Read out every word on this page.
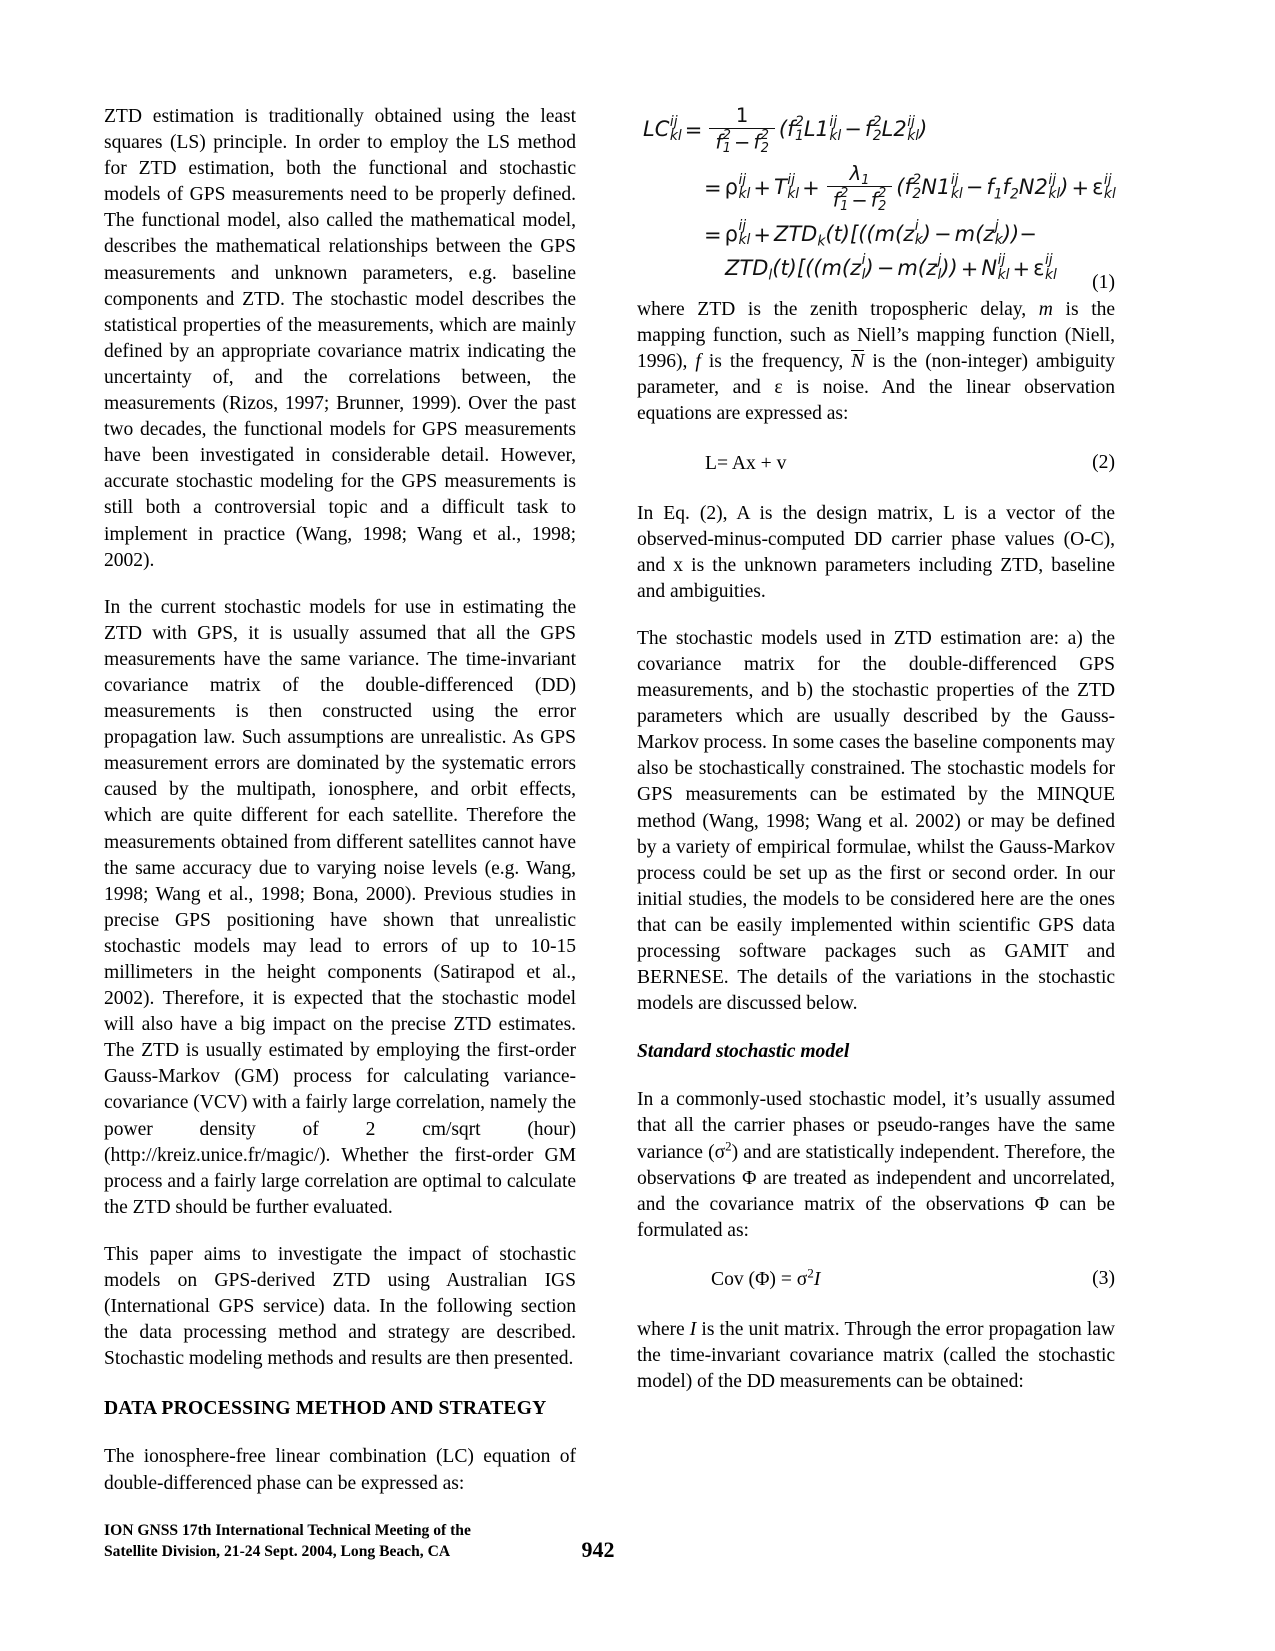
ZTD estimation is traditionally obtained using the least squares (LS) principle. In order to employ the LS method for ZTD estimation, both the functional and stochastic models of GPS measurements need to be properly defined. The functional model, also called the mathematical model, describes the mathematical relationships between the GPS measurements and unknown parameters, e.g. baseline components and ZTD. The stochastic model describes the statistical properties of the measurements, which are mainly defined by an appropriate covariance matrix indicating the uncertainty of, and the correlations between, the measurements (Rizos, 1997; Brunner, 1999). Over the past two decades, the functional models for GPS measurements have been investigated in considerable detail. However, accurate stochastic modeling for the GPS measurements is still both a controversial topic and a difficult task to implement in practice (Wang, 1998; Wang et al., 1998; 2002).

In the current stochastic models for use in estimating the ZTD with GPS, it is usually assumed that all the GPS measurements have the same variance. The time-invariant covariance matrix of the double-differenced (DD) measurements is then constructed using the error propagation law. Such assumptions are unrealistic. As GPS measurement errors are dominated by the systematic errors caused by the multipath, ionosphere, and orbit effects, which are quite different for each satellite. Therefore the measurements obtained from different satellites cannot have the same accuracy due to varying noise levels (e.g. Wang, 1998; Wang et al., 1998; Bona, 2000). Previous studies in precise GPS positioning have shown that unrealistic stochastic models may lead to errors of up to 10-15 millimeters in the height components (Satirapod et al., 2002). Therefore, it is expected that the stochastic model will also have a big impact on the precise ZTD estimates. The ZTD is usually estimated by employing the first-order Gauss-Markov (GM) process for calculating variance-covariance (VCV) with a fairly large correlation, namely the power density of 2 cm/sqrt (hour) (http://kreiz.unice.fr/magic/). Whether the first-order GM process and a fairly large correlation are optimal to calculate the ZTD should be further evaluated.

This paper aims to investigate the impact of stochastic models on GPS-derived ZTD using Australian IGS (International GPS service) data. In the following section the data processing method and strategy are described. Stochastic modeling methods and results are then presented.

DATA PROCESSING METHOD AND STRATEGY

The ionosphere-free linear combination (LC) equation of double-differenced phase can be expressed as:

LC ij
kl = 1
f 2
1 − f 2
2 (f 2
1 L1 ij
kl − f 2
2 L2 ij
kl )
= ρ ij
kl + T ij
kl + $\lambda_1$
f 2
1 − f 2
2 (f 2
2 N1 ij
kl − $f_1f_2N2$ ij
kl ) + ε ij
kl
= ρ ij
kl + $ZTD_k(t)[((m(z$ i
k ) − m(z j
k ))−
$ZTD_l(t)[((m(z$ i
l ) − m(z j
l )) + N ij
kl + ε ij
kl (1)

where ZTD is the zenith tropospheric delay, m is the mapping function, such as Niell’s mapping function (Niell, 1996), f is the frequency, N is the (non-integer) ambiguity parameter, and ε is noise. And the linear observation equations are expressed as:

L= Ax + v	(2)

In Eq. (2), A is the design matrix, L is a vector of the observed-minus-computed DD carrier phase values (O-C), and x is the unknown parameters including ZTD, baseline and ambiguities.

The stochastic models used in ZTD estimation are: a) the covariance matrix for the double-differenced GPS measurements, and b) the stochastic properties of the ZTD parameters which are usually described by the Gauss-Markov process. In some cases the baseline components may also be stochastically constrained. The stochastic models for GPS measurements can be estimated by the MINQUE method (Wang, 1998; Wang et al. 2002) or may be defined by a variety of empirical formulae, whilst the Gauss-Markov process could be set up as the first or second order. In our initial studies, the models to be considered here are the ones that can be easily implemented within scientific GPS data processing software packages such as GAMIT and BERNESE. The details of the variations in the stochastic models are discussed below.

Standard stochastic model

In a commonly-used stochastic model, it’s usually assumed that all the carrier phases or pseudo-ranges have the same variance $(\sigma^2)$ and are statistically independent. Therefore, the observations Φ are treated as independent and uncorrelated, and the covariance matrix of the observations Φ can be formulated as:

Cov $(\Phi) = \sigma^2I$	(3)

where I is the unit matrix. Through the error propagation law the time-invariant covariance matrix (called the stochastic model) of the DD measurements can be obtained:

ION GNSS 17th International Technical Meeting of the
Satellite Division, 21-24 Sept. 2004, Long Beach, CA	942
